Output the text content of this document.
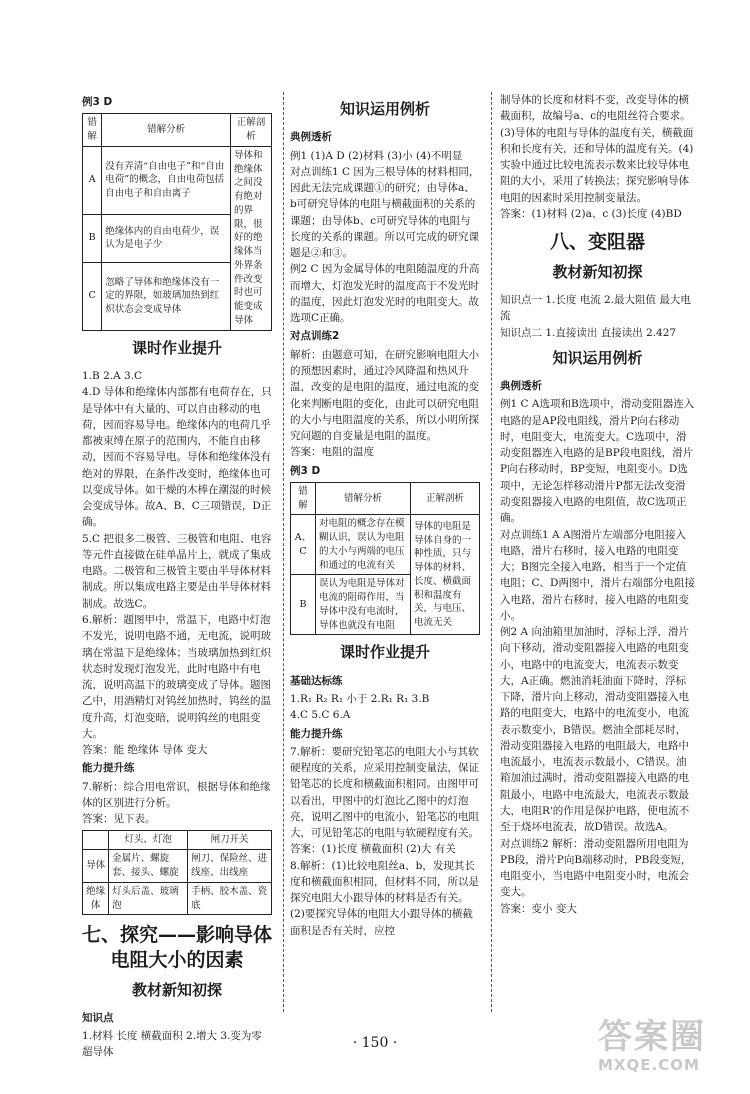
例3 D
错解	错解分析	正解剖析
A	没有弄清“自由电子”和“自由电荷”的概念，自由电荷包括自由电子和自由离子	导体和绝缘体之间没有绝对的界限，很好的绝缘体当外界条件改变时也可能变成导体
B	绝缘体内的自由电荷少，误认为是电子少	
C	忽略了导体和绝缘体没有一定的界限，如玻璃加热到红炽状态会变成导体	
课时作业提升

1.B 2.A 3.C

4.D 导体和绝缘体内部都有电荷存在，只是导体中有大量的、可以自由移动的电荷，因而容易导电。绝缘体内的电荷几乎都被束缚在原子的范围内，不能自由移动，因而不容易导电。导体和绝缘体没有绝对的界限，在条件改变时，绝缘体也可以变成导体。如干燥的木棒在潮湿的时候会变成导体。故A、B、C三项错误，D正确。

5.C 把很多二极管、三极管和电阻、电容等元件直接做在硅单晶片上，就成了集成电路。二极管和三极管主要由半导体材料制成。所以集成电路主要是由半导体材料制成。故选C。

6.解析：题图甲中，常温下，电路中灯泡不发光，说明电路不通，无电流，说明玻璃在常温下是绝缘体；当玻璃加热到红炽状态时发现灯泡发光，此时电路中有电流，说明高温下的玻璃变成了导体。题图乙中，用酒精灯对钨丝加热时，钨丝的温度升高，灯泡变暗，说明钨丝的电阻变大。

答案：能 绝缘体 导体 变大

能力提升练

7.解析：综合用电常识，根据导体和绝缘体的区别进行分析。

答案：见下表。

	灯头、灯泡	闸刀开关
导体	金属片、螺旋套、接头、螺旋	闸刀、保险丝、进线座、出线座
绝缘体	灯头后盖、玻璃泡	手柄、胶木盖、瓷底
七、探究——影响导体
电阻大小的因素
教材新知初探
知识点

1.材料 长度 横截面积 2.增大 3.变为零 超导体

知识运用例析
典例透析

例1 (1)A D (2)材料 (3)小 (4)不明显

对点训练1 C 因为三根导体的材料相同，因此无法完成课题①的研究；由导体a、b可研究导体的电阻与横截面积的关系的课题；由导体b、c可研究导体的电阻与长度的关系的课题。所以可完成的研究课题是②和③。

例2 C 因为金属导体的电阻随温度的升高而增大，灯泡发光时的温度高于不发光时的温度，因此灯泡发光时的电阻变大。故选项C正确。

对点训练2

解析：由题意可知，在研究影响电阻大小的预想因素时，通过冷风降温和热风升温，改变的是电阻的温度，通过电流的变化来判断电阻的变化，由此可以研究电阻的大小与电阻温度的关系，所以小明所探究问题的自变量是电阻的温度。

答案：电阻的温度

例3 D
错解	错解分析	正解剖析
A、C	对电阻的概念存在模糊认识，误认为电阻的大小与两端的电压和通过的电流有关	导体的电阻是导体自身的一种性质，只与导体的材料、长度、横截面积和温度有关，与电压、电流无关
B	误认为电阻是导体对电流的阻碍作用，当导体中没有电流时，导体也就没有电阻	
课时作业提升
基础达标练

1.R₁ R₂ R₁ 小于 2.R₁ R₁ 3.B

4.C 5.C 6.A

能力提升练

7.解析：要研究铅笔芯的电阻大小与其软硬程度的关系，应采用控制变量法，保证铅笔芯的长度和横截面积相同。由图甲可以看出，甲图中的灯泡比乙图中的灯泡亮，说明乙图中的电流小，铅笔芯的电阻大，可见铅笔芯的电阻与软硬程度有关。

答案：(1)长度 横截面积 (2)大 有关

8.解析：(1)比较电阻丝a、b，发现其长度和横截面积相同，但材料不同，所以是探究电阻大小跟导体的材料是否有关。(2)要探究导体的电阻大小跟导体的横截面积是否有关时，应控

制导体的长度和材料不变，改变导体的横截面积，故编号a、c的电阻丝符合要求。(3)导体的电阻与导体的温度有关，横截面积和长度有关，还和导体的温度有关。(4)实验中通过比较电流表示数来比较导体电阻的大小，采用了转换法；探究影响导体电阻的因素时采用控制变量法。

答案：(1)材料 (2)a、c (3)长度 (4)BD

八、变阻器
教材新知初探

知识点一 1.长度 电流 2.最大阻值 最大电流

知识点二 1.直接读出 直接读出 2.427

知识运用例析
典例透析

例1 C A选项和B选项中，滑动变阻器连入电路的是AP段电阻线，滑片P向右移动时，电阻变大，电流变大。C选项中，滑动变阻器连入电路的是BP段电阻线，滑片P向右移动时，BP变短，电阻变小。D选项中，无论怎样移动滑片P都无法改变滑动变阻器接入电路的电阻值，故C选项正确。

对点训练1 A A图滑片左端部分电阻接入电路，滑片右移时，接入电路的电阻变大；B图完全接入电路，相当于一个定值电阻；C、D两图中，滑片右端部分电阻接入电路，滑片右移时，接入电路的电阻变小。

例2 A 向油箱里加油时，浮标上浮，滑片向下移动，滑动变阻器接入电路的电阻变小，电路中的电流变大，电流表示数变大，A正确。燃油消耗油面下降时，浮标下降，滑片向上移动，滑动变阻器接入电路的电阻变大，电路中的电流变小，电流表示数变小，B错误。燃油全部耗尽时，滑动变阻器接入电路的电阻最大，电路中电流最小，电流表示数最小，C错误。油箱加油过满时，滑动变阻器接入电路的电阻最小，电路中电流最大，电流表示数最大，电阻R'的作用是保护电路，使电流不至于烧坏电流表，故D错误。故选A。

对点训练2 解析：滑动变阻器所用电阻为PB段，滑片P向B端移动时，PB段变短，电阻变小，当电路中电阻变小时，电流会变大。

答案：变小 变大

· 150 ·	答案圈
MXQE.COM
